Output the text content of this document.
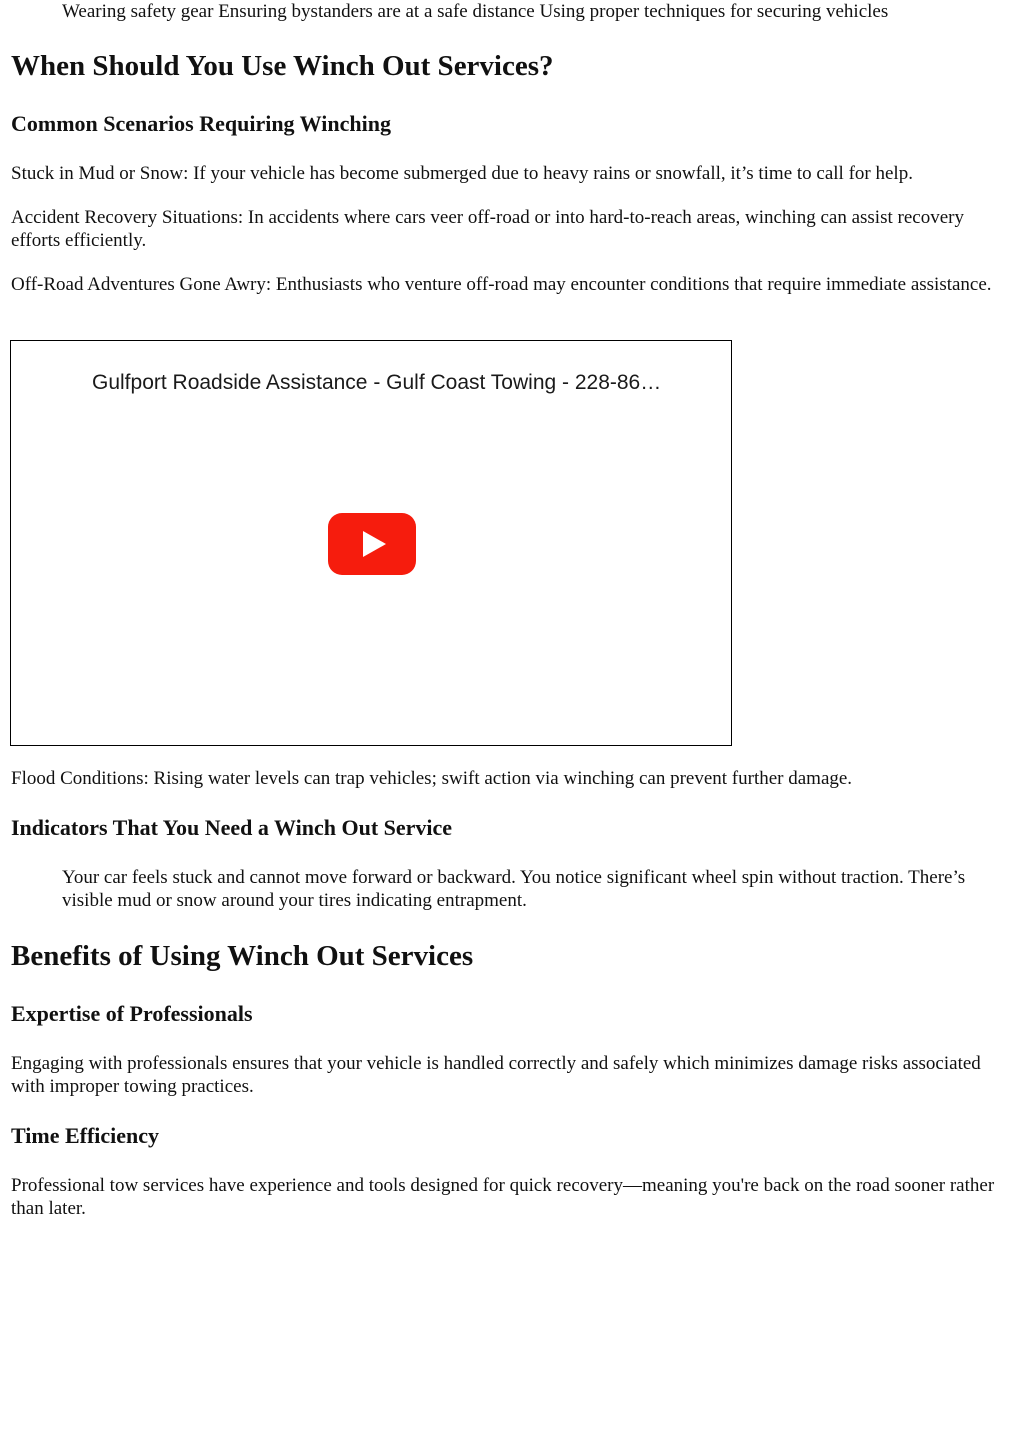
Wearing safety gear Ensuring bystanders are at a safe distance Using proper techniques for securing vehicles

When Should You Use Winch Out Services?
Common Scenarios Requiring Winching

Stuck in Mud or Snow: If your vehicle has become submerged due to heavy rains or snowfall, it’s time to call for help.

Accident Recovery Situations: In accidents where cars veer off-road or into hard-to-reach areas, winching can assist recovery efforts efficiently.

Off-Road Adventures Gone Awry: Enthusiasts who venture off-road may encounter conditions that require immediate assistance.

Gulfport Roadside Assistance - Gulf Coast Towing - 228-86…

Flood Conditions: Rising water levels can trap vehicles; swift action via winching can prevent further damage.

Indicators That You Need a Winch Out Service

Your car feels stuck and cannot move forward or backward. You notice significant wheel spin without traction. There’s visible mud or snow around your tires indicating entrapment.

Benefits of Using Winch Out Services
Expertise of Professionals

Engaging with professionals ensures that your vehicle is handled correctly and safely which minimizes damage risks associated with improper towing practices.

Time Efficiency

Professional tow services have experience and tools designed for quick recovery—meaning you're back on the road sooner rather than later.
